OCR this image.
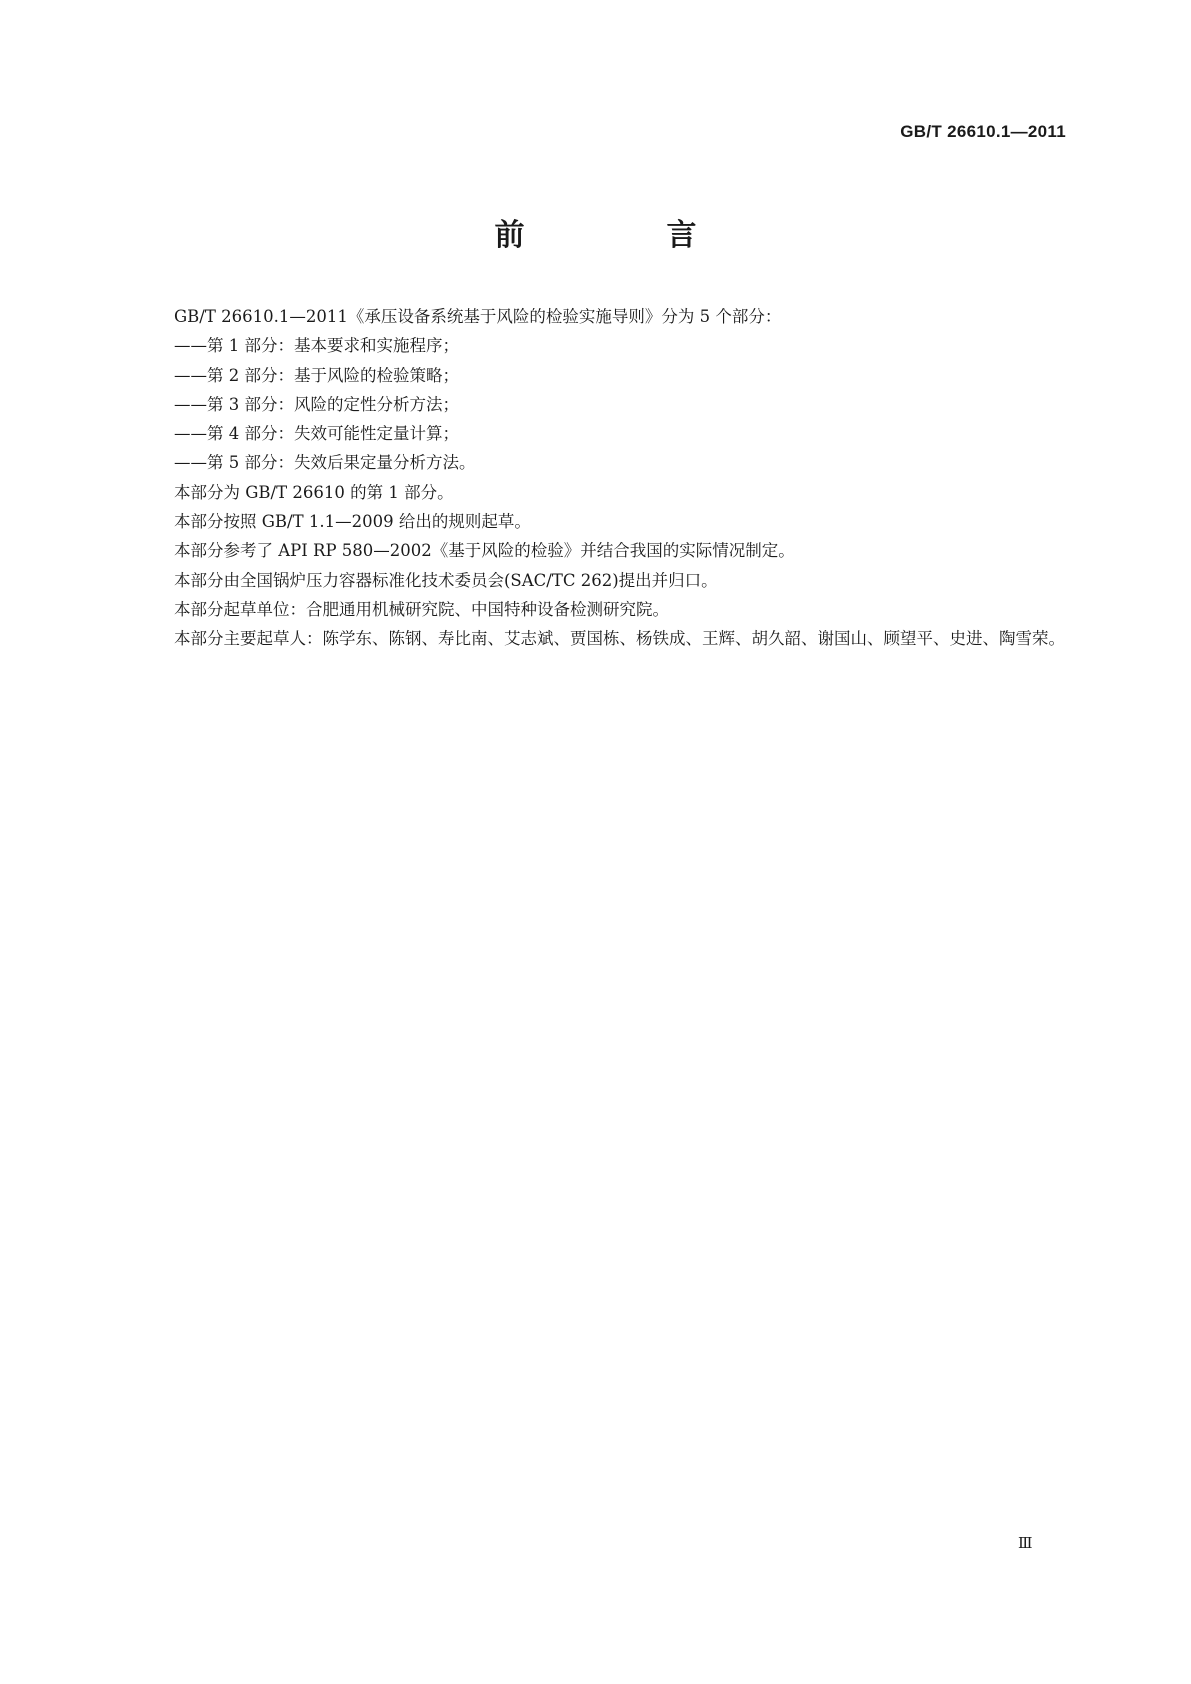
GB/T 26610.1—2011
前　言

GB/T 26610.1—2011《承压设备系统基于风险的检验实施导则》分为 5 个部分：

——第 1 部分：基本要求和实施程序；

——第 2 部分：基于风险的检验策略；

——第 3 部分：风险的定性分析方法；

——第 4 部分：失效可能性定量计算；

——第 5 部分：失效后果定量分析方法。

本部分为 GB/T 26610 的第 1 部分。

本部分按照 GB/T 1.1—2009 给出的规则起草。

本部分参考了 API RP 580—2002《基于风险的检验》并结合我国的实际情况制定。

本部分由全国锅炉压力容器标准化技术委员会(SAC/TC 262)提出并归口。

本部分起草单位：合肥通用机械研究院、中国特种设备检测研究院。

本部分主要起草人：陈学东、陈钢、寿比南、艾志斌、贾国栋、杨铁成、王辉、胡久韶、谢国山、顾望平、史进、陶雪荣。

Ⅲ
